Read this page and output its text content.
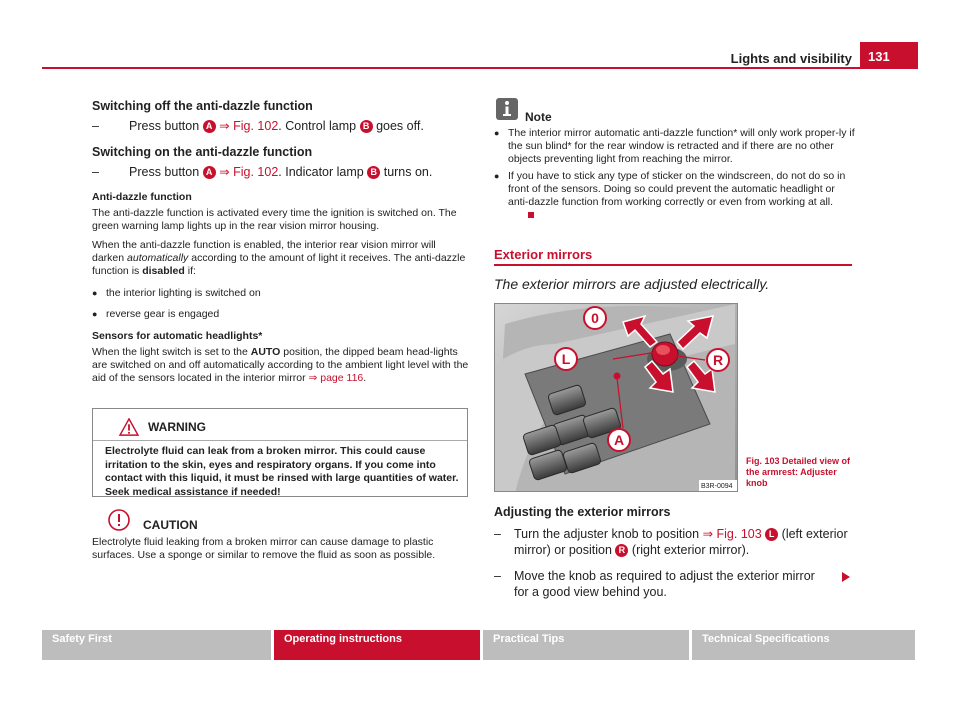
Lights and visibility	131
Switching off the anti-dazzle function
– Press button A ⇒ Fig. 102. Control lamp B goes off.
Switching on the anti-dazzle function
– Press button A ⇒ Fig. 102. Indicator lamp B turns on.
Anti-dazzle function
The anti-dazzle function is activated every time the ignition is switched on. The green warning lamp lights up in the rear vision mirror housing.
When the anti-dazzle function is enabled, the interior rear vision mirror will darken automatically according to the amount of light it receives. The anti-dazzle function is disabled if:
● the interior lighting is switched on
● reverse gear is engaged
Sensors for automatic headlights*
When the light switch is set to the AUTO position, the dipped beam head-lights are switched on and off automatically according to the ambient light level with the aid of the sensors located in the interior mirror ⇒ page 116.
WARNING
Electrolyte fluid can leak from a broken mirror. This could cause irritation to the skin, eyes and respiratory organs. If you come into contact with this liquid, it must be rinsed with large quantities of water. Seek medical assistance if needed!
CAUTION
Electrolyte fluid leaking from a broken mirror can cause damage to plastic surfaces. Use a sponge or similar to remove the fluid as soon as possible.
Note
● The interior mirror automatic anti-dazzle function* will only work proper-ly if the sun blind* for the rear window is retracted and if there are no other objects preventing light from reaching the mirror.
● If you have to stick any type of sticker on the windscreen, do not do so in front of the sensors. Doing so could prevent the automatic headlight or anti-dazzle function from working correctly or even from working at all.
Exterior mirrors
The exterior mirrors are adjusted electrically.
0
L	R
A
B3R-0094
Fig. 103 Detailed view of the armrest: Adjuster knob
Adjusting the exterior mirrors
– Turn the adjuster knob to position ⇒ Fig. 103 L (left exterior mirror) or position R (right exterior mirror).
– Move the knob as required to adjust the exterior mirror for a good view behind you.
Safety First	Operating instructions	Practical Tips	Technical Specifications
